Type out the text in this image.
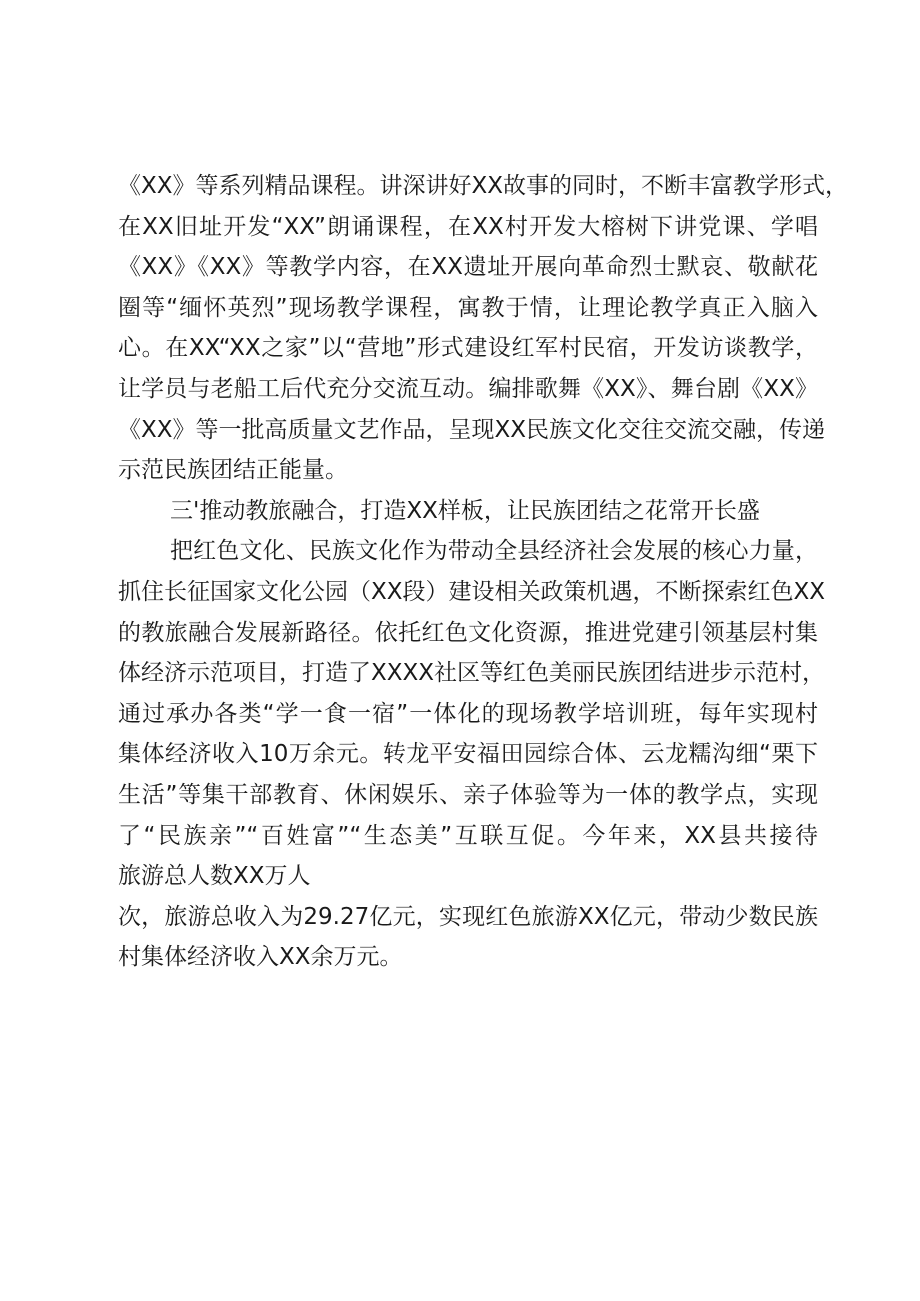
《XX》等系列精品课程。讲深讲好XX故事的同时，不断丰富教学形式，
在XX旧址开发“XX”朗诵课程，在XX村开发大榕树下讲党课、学唱
《XX》《XX》等教学内容，在XX遗址开展向革命烈士默哀、敬献花
圈等“缅怀英烈”现场教学课程，寓教于情，让理论教学真正入脑入
心。在XX“XX之家”以“营地”形式建设红军村民宿，开发访谈教学，
让学员与老船工后代充分交流互动。编排歌舞《XX》、舞台剧《XX》
《XX》等一批高质量文艺作品，呈现XX民族文化交往交流交融，传递
示范民族团结正能量。
三'推动教旅融合，打造XX样板，让民族团结之花常开长盛
把红色文化、民族文化作为带动全县经济社会发展的核心力量，
抓住长征国家文化公园（XX段）建设相关政策机遇，不断探索红色XX
的教旅融合发展新路径。依托红色文化资源，推进党建引领基层村集
体经济示范项目，打造了XXXX社区等红色美丽民族团结进步示范村，
通过承办各类“学一食一宿”一体化的现场教学培训班，每年实现村
集体经济收入10万余元。转龙平安福田园综合体、云龙糯沟细“栗下
生活”等集干部教育、休闲娱乐、亲子体验等为一体的教学点，实现
了“民族亲”“百姓富”“生态美”互联互促。今年来，XX县共接待
旅游总人数XX万人
次，旅游总收入为29.27亿元，实现红色旅游XX亿元，带动少数民族
村集体经济收入XX余万元。
